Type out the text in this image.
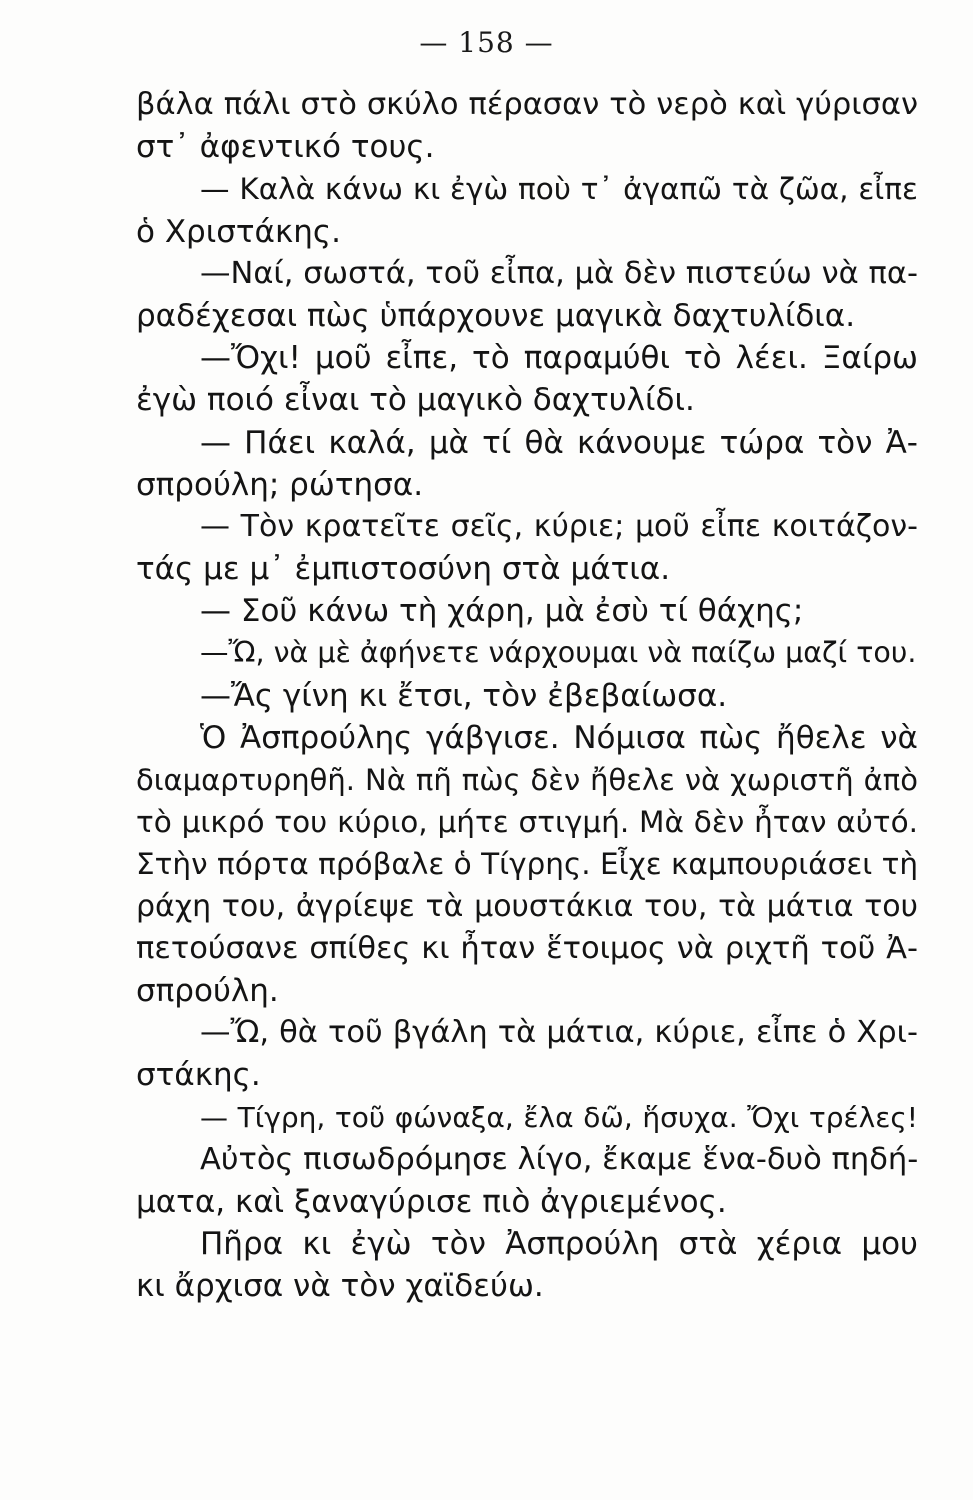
— 158 —
βάλα πάλι στὸ σκύλο πέρασαν τὸ νερὸ καὶ γύρισαν
στ᾽ ἀφεντικό τους.
— Καλὰ κάνω κι ἐγὼ ποὺ τ᾽ ἀγαπῶ τὰ ζῶα, εἶπε
ὁ Χριστάκης.
—Ναί, σωστά, τοῦ εἶπα, μὰ δὲν πιστεύω νὰ πα-
ραδέχεσαι πὼς ὑπάρχουνε μαγικὰ δαχτυλίδια.
—Ὄχι! μοῦ εἶπε, τὸ παραμύθι τὸ λέει. Ξαίρω
ἐγὼ ποιό εἶναι τὸ μαγικὸ δαχτυλίδι.
— Πάει καλά, μὰ τί θὰ κάνουμε τώρα τὸν Ἀ-
σπρούλη; ρώτησα.
— Τὸν κρατεῖτε σεῖς, κύριε; μοῦ εἶπε κοιτάζον-
τάς με μ᾽ ἐμπιστοσύνη στὰ μάτια.
— Σοῦ κάνω τὴ χάρη, μὰ ἐσὺ τί θάχης;
—Ὤ, νὰ μὲ ἀφήνετε νάρχουμαι νὰ παίζω μαζί του.
—Ἄς γίνη κι ἔτσι, τὸν ἐβεβαίωσα.
Ὁ Ἀσπρούλης γάβγισε. Νόμισα πὼς ἤθελε νὰ
διαμαρτυρηθῆ. Νὰ πῆ πὼς δὲν ἤθελε νὰ χωριστῆ ἀπὸ
τὸ μικρό του κύριο, μήτε στιγμή. Μὰ δὲν ἦταν αὐτό.
Στὴν πόρτα πρόβαλε ὁ Τίγρης. Εἶχε καμπουριάσει τὴ
ράχη του, ἀγρίεψε τὰ μουστάκια του, τὰ μάτια του
πετούσανε σπίθες κι ἦταν ἕτοιμος νὰ ριχτῆ τοῦ Ἀ-
σπρούλη.
—Ὤ, θὰ τοῦ βγάλη τὰ μάτια, κύριε, εἶπε ὁ Χρι-
στάκης.
— Τίγρη, τοῦ φώναξα, ἔλα δῶ, ἥσυχα. Ὄχι τρέλες!
Αὐτὸς πισωδρόμησε λίγο, ἔκαμε ἕνα-δυὸ πηδή-
ματα, καὶ ξαναγύρισε πιὸ ἀγριεμένος.
Πῆρα κι ἐγὼ τὸν Ἀσπρούλη στὰ χέρια μου
κι ἄρχισα νὰ τὸν χαϊδεύω.
